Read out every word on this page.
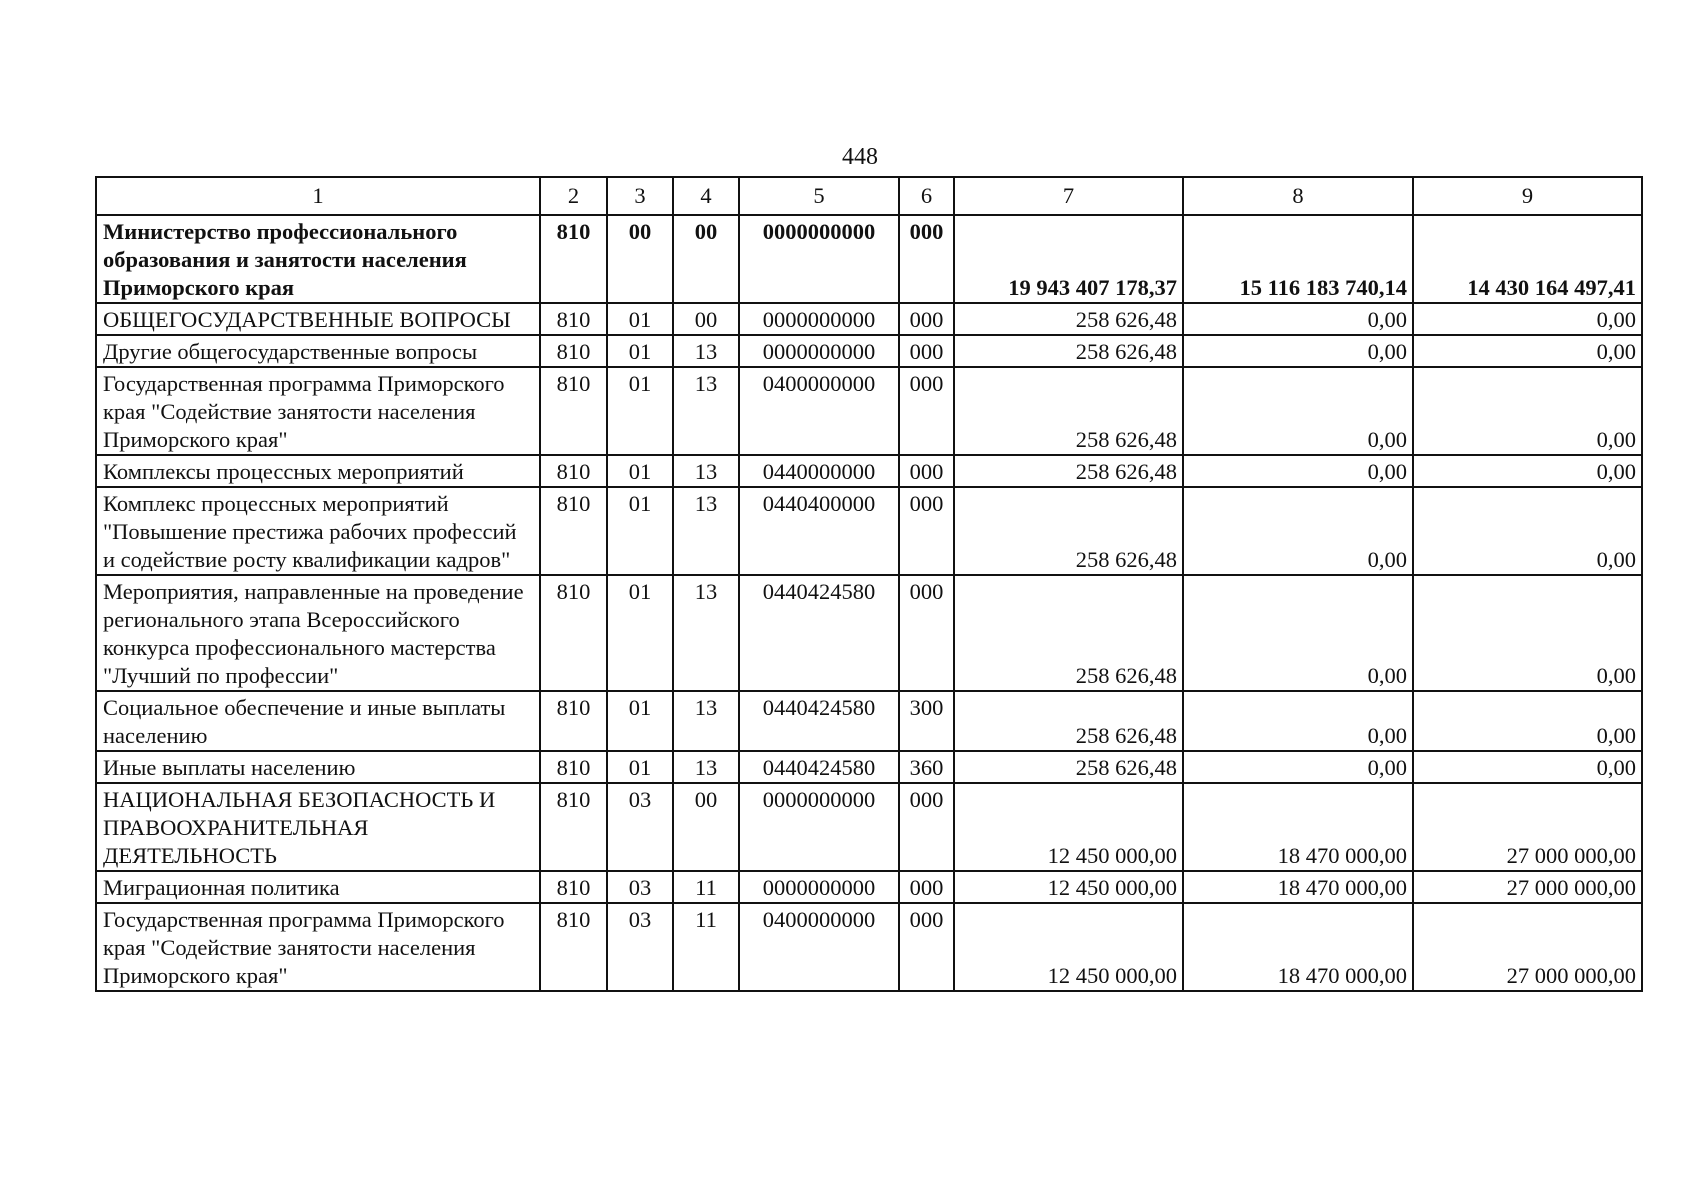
448
1	2	3	4	5	6	7	8	9
Министерство профессионального образования и занятости населения Приморского края	810	00	00	0000000000	000	19 943 407 178,37	15 116 183 740,14	14 430 164 497,41
ОБЩЕГОСУДАРСТВЕННЫЕ ВОПРОСЫ	810	01	00	0000000000	000	258 626,48	0,00	0,00
Другие общегосударственные вопросы	810	01	13	0000000000	000	258 626,48	0,00	0,00
Государственная программа Приморского края "Содействие занятости населения Приморского края"	810	01	13	0400000000	000	258 626,48	0,00	0,00
Комплексы процессных мероприятий	810	01	13	0440000000	000	258 626,48	0,00	0,00
Комплекс процессных мероприятий "Повышение престижа рабочих профессий и содействие росту квалификации кадров"	810	01	13	0440400000	000	258 626,48	0,00	0,00
Мероприятия, направленные на проведение регионального этапа Всероссийского конкурса профессионального мастерства "Лучший по профессии"	810	01	13	0440424580	000	258 626,48	0,00	0,00
Социальное обеспечение и иные выплаты населению	810	01	13	0440424580	300	258 626,48	0,00	0,00
Иные выплаты населению	810	01	13	0440424580	360	258 626,48	0,00	0,00
НАЦИОНАЛЬНАЯ БЕЗОПАСНОСТЬ И ПРАВООХРАНИТЕЛЬНАЯ ДЕЯТЕЛЬНОСТЬ	810	03	00	0000000000	000	12 450 000,00	18 470 000,00	27 000 000,00
Миграционная политика	810	03	11	0000000000	000	12 450 000,00	18 470 000,00	27 000 000,00
Государственная программа Приморского края "Содействие занятости населения Приморского края"	810	03	11	0400000000	000	12 450 000,00	18 470 000,00	27 000 000,00
